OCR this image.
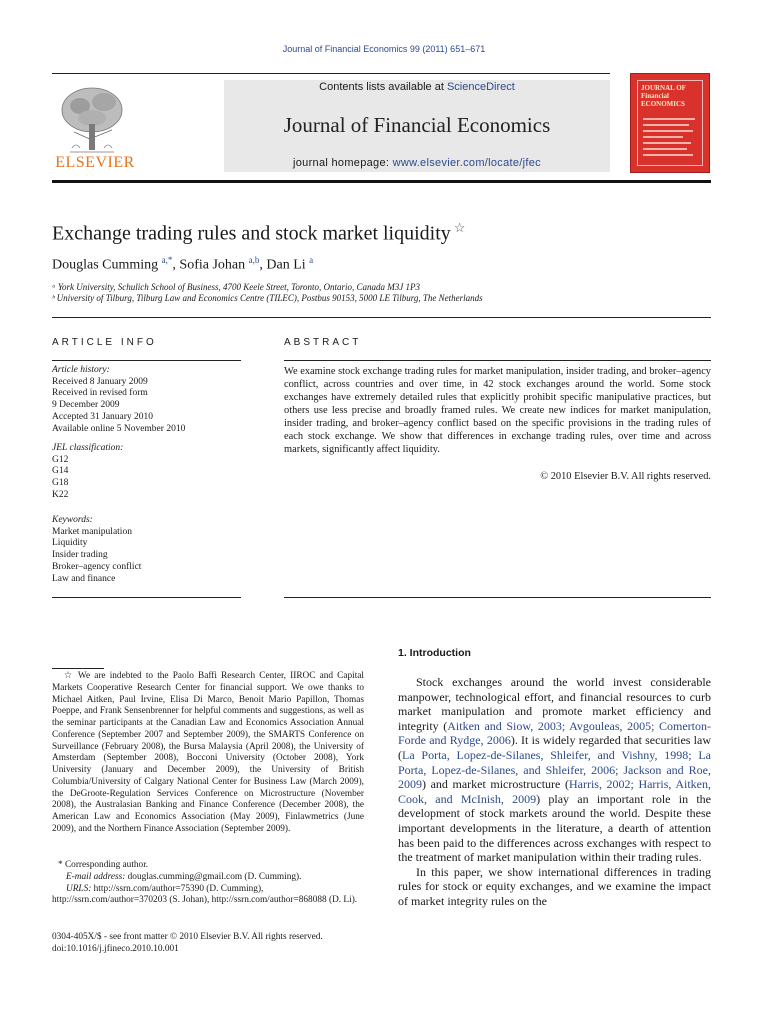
Journal of Financial Economics 99 (2011) 651–671
ELSEVIER
Contents lists available at ScienceDirect
Journal of Financial Economics
journal homepage: www.elsevier.com/locate/jfec
JOURNAL OF Financial ECONOMICS
Exchange trading rules and stock market liquidity ☆
Douglas Cumming $^{a,*}$, Sofia Johan $^{a,b}$, Dan Li $^a$
ᵃ York University, Schulich School of Business, 4700 Keele Street, Toronto, Ontario, Canada M3J 1P3
ᵇ University of Tilburg, Tilburg Law and Economics Centre (TILEC), Postbus 90153, 5000 LE Tilburg, The Netherlands
ARTICLE INFO	ABSTRACT
Article history:
Received 8 January 2009
Received in revised form
9 December 2009
Accepted 31 January 2010
Available online 5 November 2010
JEL classification:
G12
G14
G18
K22
Keywords:
Market manipulation
Liquidity
Insider trading
Broker–agency conflict
Law and finance
We examine stock exchange trading rules for market manipulation, insider trading, and broker–agency conflict, across countries and over time, in 42 stock exchanges around the world. Some stock exchanges have extremely detailed rules that explicitly prohibit specific manipulative practices, but others use less precise and broadly framed rules. We create new indices for market manipulation, insider trading, and broker–agency conflict based on the specific provisions in the trading rules of each stock exchange. We show that differences in exchange trading rules, over time and across markets, significantly affect liquidity.
© 2010 Elsevier B.V. All rights reserved.
☆ We are indebted to the Paolo Baffi Research Center, IIROC and Capital Markets Cooperative Research Center for financial support. We owe thanks to Michael Aitken, Paul Irvine, Elisa Di Marco, Benoit Mario Papillon, Thomas Poeppe, and Frank Sensenbrenner for helpful comments and suggestions, as well as the seminar participants at the Canadian Law and Economics Association Annual Conference (September 2007 and September 2009), the SMARTS Conference on Surveillance (February 2008), the Bursa Malaysia (April 2008), the University of Amsterdam (September 2008), Bocconi University (October 2008), York University (January and December 2009), the University of British Columbia/University of Calgary National Center for Business Law (March 2009), the DeGroote-Regulation Services Conference on Microstructure (November 2008), the Australasian Banking and Finance Conference (December 2008), the American Law and Economics Association (May 2009), Finlawmetrics (June 2009), and the Northern Finance Association (September 2009).
* Corresponding author.
E-mail address: douglas.cumming@gmail.com (D. Cumming).
URLS: http://ssrn.com/author=75390 (D. Cumming), http://ssrn.com/author=370203 (S. Johan), http://ssrn.com/author=868088 (D. Li).
0304-405X/$ - see front matter © 2010 Elsevier B.V. All rights reserved.
doi:10.1016/j.jfineco.2010.10.001
1. Introduction

Stock exchanges around the world invest considerable manpower, technological effort, and financial resources to curb market manipulation and promote market efficiency and integrity (Aitken and Siow, 2003; Avgouleas, 2005; Comerton-Forde and Rydge, 2006). It is widely regarded that securities law (La Porta, Lopez-de-Silanes, Shleifer, and Vishny, 1998; La Porta, Lopez-de-Silanes, and Shleifer, 2006; Jackson and Roe, 2009) and market microstructure (Harris, 2002; Harris, Aitken, Cook, and McInish, 2009) play an important role in the development of stock markets around the world. Despite these important developments in the literature, a dearth of attention has been paid to the differences across exchanges with respect to the treatment of market manipulation within their trading rules.

In this paper, we show international differences in trading rules for stock or equity exchanges, and we examine the impact of market integrity rules on the
